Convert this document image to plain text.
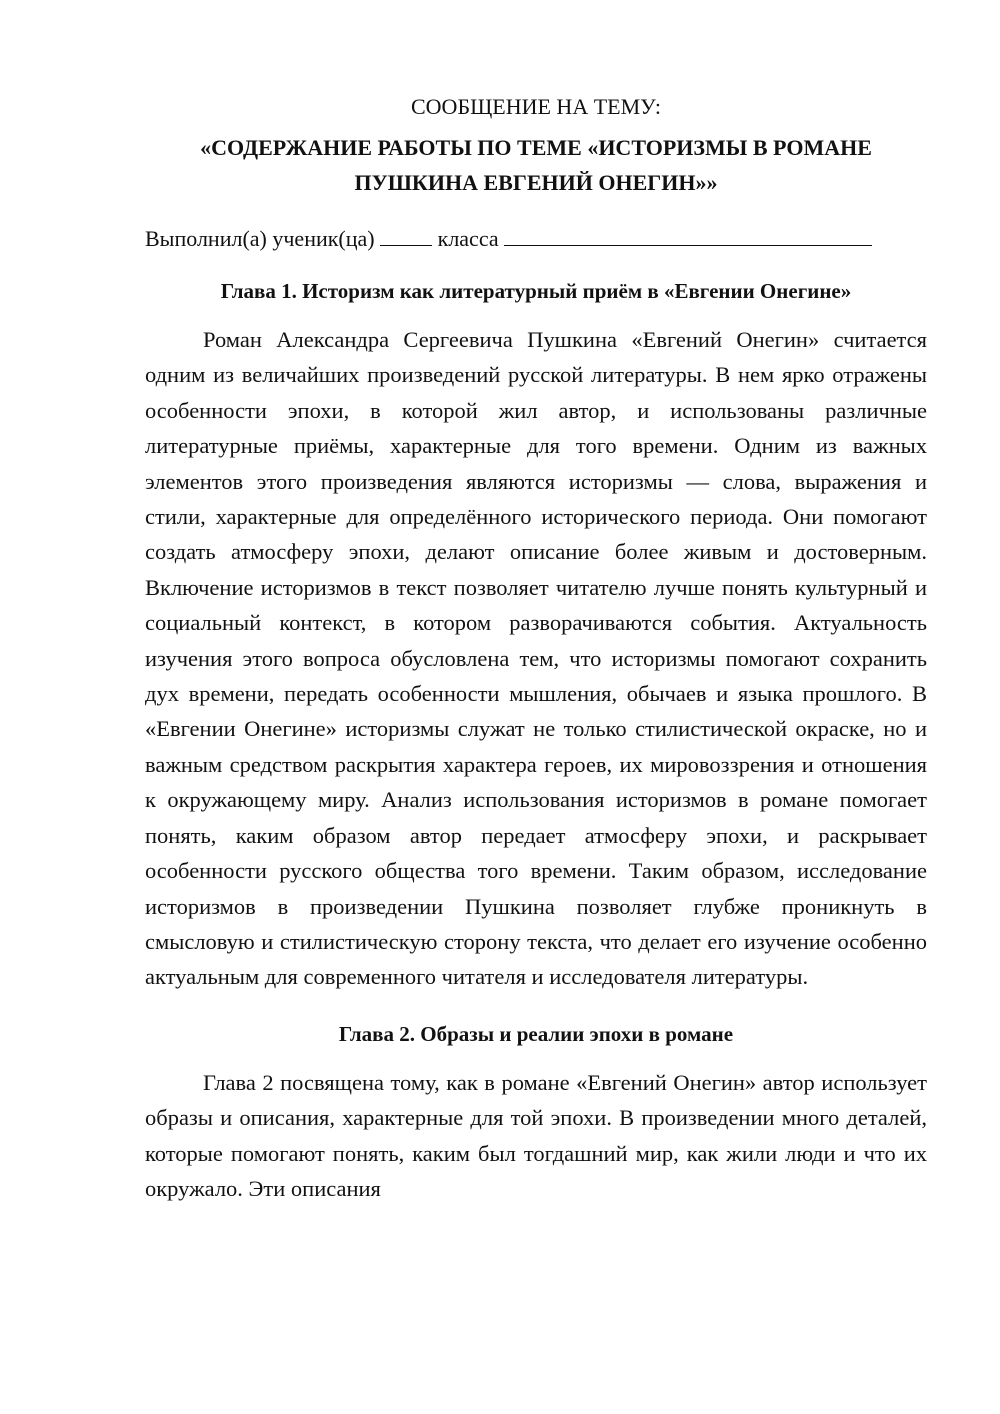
СООБЩЕНИЕ НА ТЕМУ:
«СОДЕРЖАНИЕ РАБОТЫ ПО ТЕМЕ «ИСТОРИЗМЫ В РОМАНЕ
ПУШКИНА ЕВГЕНИЙ ОНЕГИН»»
Выполнил(а) ученик(ца)	класса
Глава 1. Историзм как литературный приём в «Евгении Онегине»

Роман Александра Сергеевича Пушкина «Евгений Онегин» считается одним из величайших произведений русской литературы. В нем ярко отражены особенности эпохи, в которой жил автор, и использованы различные литературные приёмы, характерные для того времени. Одним из важных элементов этого произведения являются историзмы — слова, выражения и стили, характерные для определённого исторического периода. Они помогают создать атмосферу эпохи, делают описание более живым и достоверным. Включение историзмов в текст позволяет читателю лучше понять культурный и социальный контекст, в котором разворачиваются события. Актуальность изучения этого вопроса обусловлена тем, что историзмы помогают сохранить дух времени, передать особенности мышления, обычаев и языка прошлого. В «Евгении Онегине» историзмы служат не только стилистической окраске, но и важным средством раскрытия характера героев, их мировоззрения и отношения к окружающему миру. Анализ использования историзмов в романе помогает понять, каким образом автор передает атмосферу эпохи, и раскрывает особенности русского общества того времени. Таким образом, исследование историзмов в произведении Пушкина позволяет глубже проникнуть в смысловую и стилистическую сторону текста, что делает его изучение особенно актуальным для современного читателя и исследователя литературы.

Глава 2. Образы и реалии эпохи в романе

Глава 2 посвящена тому, как в романе «Евгений Онегин» автор использует образы и описания, характерные для той эпохи. В произведении много деталей, которые помогают понять, каким был тогдашний мир, как жили люди и что их окружало. Эти описания
